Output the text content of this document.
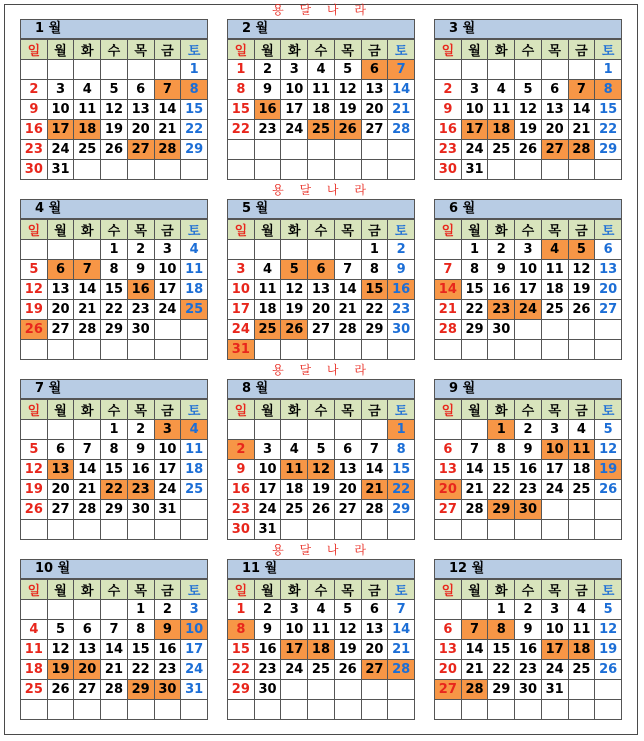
용 달 나 라
용 달 나 라
용 달 나 라
용 달 나 라
1 월
일	월	화	수	목	금	토
						1
2	3	4	5	6	7	8
9	10	11	12	13	14	15
16	17	18	19	20	21	22
23	24	25	26	27	28	29
30	31					
2 월
일	월	화	수	목	금	토
1	2	3	4	5	6	7
8	9	10	11	12	13	14
15	16	17	18	19	20	21
22	23	24	25	26	27	28

3 월
일	월	화	수	목	금	토
						1
2	3	4	5	6	7	8
9	10	11	12	13	14	15
16	17	18	19	20	21	22
23	24	25	26	27	28	29
30	31					
4 월
일	월	화	수	목	금	토
			1	2	3	4
5	6	7	8	9	10	11
12	13	14	15	16	17	18
19	20	21	22	23	24	25
26	27	28	29	30		

5 월
일	월	화	수	목	금	토
					1	2
3	4	5	6	7	8	9
10	11	12	13	14	15	16
17	18	19	20	21	22	23
24	25	26	27	28	29	30
31						
6 월
일	월	화	수	목	금	토
	1	2	3	4	5	6
7	8	9	10	11	12	13
14	15	16	17	18	19	20
21	22	23	24	25	26	27
28	29	30				

7 월
일	월	화	수	목	금	토
			1	2	3	4
5	6	7	8	9	10	11
12	13	14	15	16	17	18
19	20	21	22	23	24	25
26	27	28	29	30	31	

8 월
일	월	화	수	목	금	토
						1
2	3	4	5	6	7	8
9	10	11	12	13	14	15
16	17	18	19	20	21	22
23	24	25	26	27	28	29
30	31					
9 월
일	월	화	수	목	금	토
		1	2	3	4	5
6	7	8	9	10	11	12
13	14	15	16	17	18	19
20	21	22	23	24	25	26
27	28	29	30			

10 월
일	월	화	수	목	금	토
				1	2	3
4	5	6	7	8	9	10
11	12	13	14	15	16	17
18	19	20	21	22	23	24
25	26	27	28	29	30	31

11 월
일	월	화	수	목	금	토
1	2	3	4	5	6	7
8	9	10	11	12	13	14
15	16	17	18	19	20	21
22	23	24	25	26	27	28
29	30					

12 월
일	월	화	수	목	금	토
		1	2	3	4	5
6	7	8	9	10	11	12
13	14	15	16	17	18	19
20	21	22	23	24	25	26
27	28	29	30	31		
